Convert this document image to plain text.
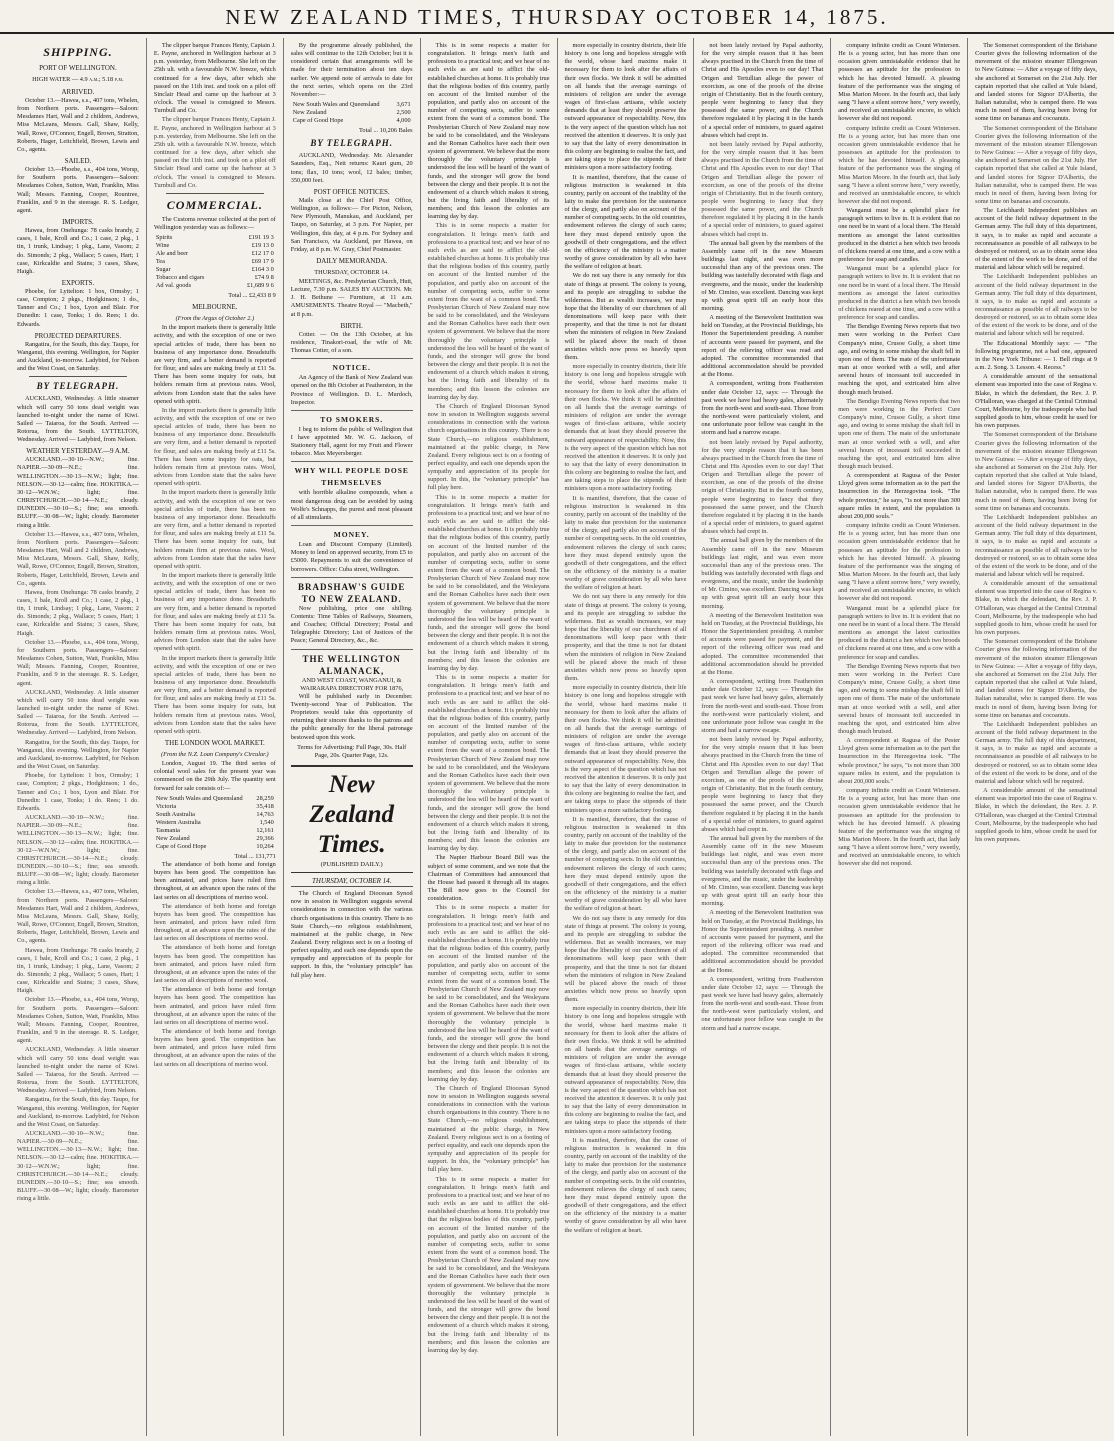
NEW ZEALAND TIMES, THURSDAY OCTOBER 14, 1875.
SHIPPING.
PORT OF WELLINGTON.
HIGH WATER — 4.9 a.m.; 5.18 p.m.
ARRIVED.
October 13.—Hawea, s.s., 407 tons, Whelen, from Northern ports. Passengers—Saloon: Mesdames Hart, Wall and 2 children, Andrews, Miss McLeans, Messrs. Gall, Shaw, Kelly, Wall, Rowe, O'Connor, Engell, Brown, Stratton, Roberts, Hager, Leitchfield, Brown, Lewis and Co., agents.
SAILED.
October 13.—Phoebe, s.s., 404 tons, Worsp, for Southern ports. Passengers—Saloon: Mesdames Cohen, Sutton, Watt, Franklin, Miss Wall; Messrs. Fanning, Cooper, Rountree, Franklin, and 9 in the steerage. R. S. Ledger, agent.
IMPORTS.
Hawea, from Onehunga: 78 casks brandy, 2 cases, 1 bale, Kroll and Co.; 1 case, 2 pkg., 1 tin, 1 trunk, Lindsay; 1 pkg., Lane, Vasom; 2 do. Simonds; 2 pkg., Wallace; 5 cases, Hart; 1 case, Kirkcaldie and Stains; 3 cases, Shaw, Haigh.
EXPORTS.
Phoebe, for Lyttelton: 1 box, Ormsby; 1 case, Compton; 2 pkgs., Hodgkinson; 1 do., Tanner and Co.; 1 box, Lyon and Blair. For Dunedin: 1 case, Tonks; 1 do. Rees; 1 do. Edwards.
PROJECTED DEPARTURES.
Rangatira, for the South, this day. Taupo, for Wanganui, this evening. Wellington, for Napier and Auckland, to-morrow. Ladybird, for Nelson and the West Coast, on Saturday.
BY TELEGRAPH.
AUCKLAND, Wednesday. A little steamer which will carry 50 tons dead weight was launched to-night under the name of Kiwi. Sailed — Taiaroa, for the South. Arrived — Rotorua, from the South. LYTTELTON, Wednesday. Arrived — Ladybird, from Nelson.
WEATHER YESTERDAY.—9 A.M.
AUCKLAND.—30·10—N.W.; fine. NAPIER.—30·09—N.E.; fine. WELLINGTON.—30·13—N.W.; light; fine. NELSON.—30·12—calm; fine. HOKITIKA.—30·12—W.N.W.; light; fine. CHRISTCHURCH.—30·14—N.E.; cloudy. DUNEDIN.—30·10—S.; fine; sea smooth. BLUFF.—30·08—W.; light; cloudy. Barometer rising a little.
October 13.—Hawea, s.s., 407 tons, Whelen, from Northern ports. Passengers—Saloon: Mesdames Hart, Wall and 2 children, Andrews, Miss McLeans, Messrs. Gall, Shaw, Kelly, Wall, Rowe, O'Connor, Engell, Brown, Stratton, Roberts, Hager, Leitchfield, Brown, Lewis and Co., agents.
Hawea, from Onehunga: 78 casks brandy, 2 cases, 1 bale, Kroll and Co.; 1 case, 2 pkg., 1 tin, 1 trunk, Lindsay; 1 pkg., Lane, Vasom; 2 do. Simonds; 2 pkg., Wallace; 5 cases, Hart; 1 case, Kirkcaldie and Stains; 3 cases, Shaw, Haigh.
October 13.—Phoebe, s.s., 404 tons, Worsp, for Southern ports. Passengers—Saloon: Mesdames Cohen, Sutton, Watt, Franklin, Miss Wall; Messrs. Fanning, Cooper, Rountree, Franklin, and 9 in the steerage. R. S. Ledger, agent.
AUCKLAND, Wednesday. A little steamer which will carry 50 tons dead weight was launched to-night under the name of Kiwi. Sailed — Taiaroa, for the South. Arrived — Rotorua, from the South. LYTTELTON, Wednesday. Arrived — Ladybird, from Nelson.
Rangatira, for the South, this day. Taupo, for Wanganui, this evening. Wellington, for Napier and Auckland, to-morrow. Ladybird, for Nelson and the West Coast, on Saturday.
Phoebe, for Lyttelton: 1 box, Ormsby; 1 case, Compton; 2 pkgs., Hodgkinson; 1 do., Tanner and Co.; 1 box, Lyon and Blair. For Dunedin: 1 case, Tonks; 1 do. Rees; 1 do. Edwards.
AUCKLAND.—30·10—N.W.; fine. NAPIER.—30·09—N.E.; fine. WELLINGTON.—30·13—N.W.; light; fine. NELSON.—30·12—calm; fine. HOKITIKA.—30·12—W.N.W.; light; fine. CHRISTCHURCH.—30·14—N.E.; cloudy. DUNEDIN.—30·10—S.; fine; sea smooth. BLUFF.—30·08—W.; light; cloudy. Barometer rising a little.
October 13.—Hawea, s.s., 407 tons, Whelen, from Northern ports. Passengers—Saloon: Mesdames Hart, Wall and 2 children, Andrews, Miss McLeans, Messrs. Gall, Shaw, Kelly, Wall, Rowe, O'Connor, Engell, Brown, Stratton, Roberts, Hager, Leitchfield, Brown, Lewis and Co., agents.
Hawea, from Onehunga: 78 casks brandy, 2 cases, 1 bale, Kroll and Co.; 1 case, 2 pkg., 1 tin, 1 trunk, Lindsay; 1 pkg., Lane, Vasom; 2 do. Simonds; 2 pkg., Wallace; 5 cases, Hart; 1 case, Kirkcaldie and Stains; 3 cases, Shaw, Haigh.
October 13.—Phoebe, s.s., 404 tons, Worsp, for Southern ports. Passengers—Saloon: Mesdames Cohen, Sutton, Watt, Franklin, Miss Wall; Messrs. Fanning, Cooper, Rountree, Franklin, and 9 in the steerage. R. S. Ledger, agent.
AUCKLAND, Wednesday. A little steamer which will carry 50 tons dead weight was launched to-night under the name of Kiwi. Sailed — Taiaroa, for the South. Arrived — Rotorua, from the South. LYTTELTON, Wednesday. Arrived — Ladybird, from Nelson.
Rangatira, for the South, this day. Taupo, for Wanganui, this evening. Wellington, for Napier and Auckland, to-morrow. Ladybird, for Nelson and the West Coast, on Saturday.
AUCKLAND.—30·10—N.W.; fine. NAPIER.—30·09—N.E.; fine. WELLINGTON.—30·13—N.W.; light; fine. NELSON.—30·12—calm; fine. HOKITIKA.—30·12—W.N.W.; light; fine. CHRISTCHURCH.—30·14—N.E.; cloudy. DUNEDIN.—30·10—S.; fine; sea smooth. BLUFF.—30·08—W.; light; cloudy. Barometer rising a little.
The clipper barque Frances Henty, Captain J. E. Payne, anchored in Wellington harbour at 3 p.m. yesterday, from Melbourne. She left on the 25th ult. with a favourable N.W. breeze, which continued for a few days, after which she passed on the 11th inst. and took on a pilot off Sinclair Head and came up the harbour at 3 o'clock. The vessel is consigned to Messrs. Turnbull and Co.
The clipper barque Frances Henty, Captain J. E. Payne, anchored in Wellington harbour at 3 p.m. yesterday, from Melbourne. She left on the 25th ult. with a favourable N.W. breeze, which continued for a few days, after which she passed on the 11th inst. and took on a pilot off Sinclair Head and came up the harbour at 3 o'clock. The vessel is consigned to Messrs. Turnbull and Co.
COMMERCIAL.
The Customs revenue collected at the port of Wellington yesterday was as follows:—
Spirits	£191 19 3
Wine	£19 13 0
Ale and beer	£12 17 0
Tea	£69 17 9
Sugar	£164 3 0
Tobacco and cigars	£74 9 8
Ad val. goods	£1,689 9 6
Total ... £2,433 8 9
MELBOURNE.
(From the Argus of October 2.)
In the import markets there is generally little activity, and with the exception of one or two special articles of trade, there has been no business of any importance done. Breadstuffs are very firm, and a better demand is reported for flour, and sales are making freely at £11 5s. There has been some inquiry for oats, but holders remain firm at previous rates. Wool, advices from London state that the sales have opened with spirit.
In the import markets there is generally little activity, and with the exception of one or two special articles of trade, there has been no business of any importance done. Breadstuffs are very firm, and a better demand is reported for flour, and sales are making freely at £11 5s. There has been some inquiry for oats, but holders remain firm at previous rates. Wool, advices from London state that the sales have opened with spirit.
In the import markets there is generally little activity, and with the exception of one or two special articles of trade, there has been no business of any importance done. Breadstuffs are very firm, and a better demand is reported for flour, and sales are making freely at £11 5s. There has been some inquiry for oats, but holders remain firm at previous rates. Wool, advices from London state that the sales have opened with spirit.
In the import markets there is generally little activity, and with the exception of one or two special articles of trade, there has been no business of any importance done. Breadstuffs are very firm, and a better demand is reported for flour, and sales are making freely at £11 5s. There has been some inquiry for oats, but holders remain firm at previous rates. Wool, advices from London state that the sales have opened with spirit.
In the import markets there is generally little activity, and with the exception of one or two special articles of trade, there has been no business of any importance done. Breadstuffs are very firm, and a better demand is reported for flour, and sales are making freely at £11 5s. There has been some inquiry for oats, but holders remain firm at previous rates. Wool, advices from London state that the sales have opened with spirit.
THE LONDON WOOL MARKET.
(From the N.Z. Loan Company's Circular.)
London, August 19. The third series of colonial wool sales for the present year was commenced on the 29th July. The quantity sent forward for sale consists of:—
New South Wales and Queensland	28,259
Victoria	35,418
South Australia	14,763
Western Australia	1,540
Tasmania	12,161
New Zealand	29,366
Cape of Good Hope	10,264
Total ... 131,771
The attendance of both home and foreign buyers has been good. The competition has been animated, and prices have ruled firm throughout, at an advance upon the rates of the last series on all descriptions of merino wool.
The attendance of both home and foreign buyers has been good. The competition has been animated, and prices have ruled firm throughout, at an advance upon the rates of the last series on all descriptions of merino wool.
The attendance of both home and foreign buyers has been good. The competition has been animated, and prices have ruled firm throughout, at an advance upon the rates of the last series on all descriptions of merino wool.
The attendance of both home and foreign buyers has been good. The competition has been animated, and prices have ruled firm throughout, at an advance upon the rates of the last series on all descriptions of merino wool.
The attendance of both home and foreign buyers has been good. The competition has been animated, and prices have ruled firm throughout, at an advance upon the rates of the last series on all descriptions of merino wool.
By the programme already published, the sales will continue to the 12th October; but it is considered certain that arrangements will be made for their termination about ten days earlier. We append note of arrivals to date for the next series, which opens on the 23rd November:—
New South Wales and Queensland	3,671
New Zealand	2,500
Cape of Good Hope	4,000
Total ... 10,206 Bales
BY TELEGRAPH.
AUCKLAND, Wednesday. Mr. Alexander Saunders, Esq., Nett returns: Kauri gum, 20 tons; flax, 10 tons; wool, 12 bales; timber, 350,000 feet.
POST OFFICE NOTICES.
Mails close at the Chief Post Office, Wellington, as follows:— For Picton, Nelson, New Plymouth, Manukau, and Auckland, per Taupo, on Saturday, at 3 p.m. For Napier, per Wellington, this day, at 4 p.m. For Sydney and San Francisco, via Auckland, per Hawea, on Friday, at 8 p.m. W. Gray, Chief Postmaster.
DAILY MEMORANDA.
THURSDAY, OCTOBER 14.
MEETINGS, &c. Presbyterian Church, Hutt, Lecture, 7.30 p.m. SALES BY AUCTION. Mr. J. H. Bethune — Furniture, at 11 a.m. AMUSEMENTS. Theatre Royal — "Macbeth," at 8 p.m.
BIRTH.
Cotter. — On the 13th October, at his residence, Tinakori-road, the wife of Mr. Thomas Cotter, of a son.
NOTICE.
An Agency of the Bank of New Zealand was opened on the 8th October at Featherston, in the Province of Wellington. D. L. Murdoch, Inspector.
TO SMOKERS.
I beg to inform the public of Wellington that I have appointed Mr. W. G. Jackson, of Stationery Hall, agent for my Fruit and Flower tobacco. Max Meyersberger.
WHY WILL PEOPLE DOSE THEMSELVES
with horrible alkaline compounds, when a most dangerous drug can be avoided by using Wolfe's Schnapps, the purest and most pleasant of all stimulants.
MONEY.
Loan and Discount Company (Limited). Money to lend on approved security, from £5 to £5000. Repayments to suit the convenience of borrowers. Office: Cuba street, Wellington.
BRADSHAW'S GUIDE TO NEW ZEALAND.
Now publishing, price one shilling. Contents: Time Tables of Railways, Steamers, and Coaches; Official Directory; Postal and Telegraphic Directory; List of Justices of the Peace; General Directory, &c., &c.
THE WELLINGTON ALMANACK,
AND WEST COAST, WANGANUI, & WAIRARAPA DIRECTORY FOR 1876,
Will be published early in December. Twenty-second Year of Publication. The Proprietors would take this opportunity of returning their sincere thanks to the patrons and the public generally for the liberal patronage bestowed upon this work.
Terms for Advertising: Full Page, 30s. Half Page, 20s. Quarter Page, 12s.
New Zealand Times.
(PUBLISHED DAILY.)
THURSDAY, OCTOBER 14.
The Church of England Diocesan Synod now in session in Wellington suggests several considerations in connection with the various church organisations in this country. There is no State Church,—no religious establishment, maintained at the public charge, in New Zealand. Every religious sect is on a footing of perfect equality, and each one depends upon the sympathy and appreciation of its people for support. In this, the "voluntary principle" has full play here.
This is in some respects a matter for congratulation. It brings men's faith and professions to a practical test; and we hear of no such evils as are said to afflict the old-established churches at home. It is probably true that the religious bodies of this country, partly on account of the limited number of the population, and partly also on account of the number of competing sects, suffer to some extent from the want of a common bond. The Presbyterian Church of New Zealand may now be said to be consolidated, and the Wesleyans and the Roman Catholics have each their own system of government. We believe that the more thoroughly the voluntary principle is understood the less will be heard of the want of funds, and the stronger will grow the bond between the clergy and their people. It is not the endowment of a church which makes it strong, but the living faith and liberality of its members; and this lesson the colonies are learning day by day.
This is in some respects a matter for congratulation. It brings men's faith and professions to a practical test; and we hear of no such evils as are said to afflict the old-established churches at home. It is probably true that the religious bodies of this country, partly on account of the limited number of the population, and partly also on account of the number of competing sects, suffer to some extent from the want of a common bond. The Presbyterian Church of New Zealand may now be said to be consolidated, and the Wesleyans and the Roman Catholics have each their own system of government. We believe that the more thoroughly the voluntary principle is understood the less will be heard of the want of funds, and the stronger will grow the bond between the clergy and their people. It is not the endowment of a church which makes it strong, but the living faith and liberality of its members; and this lesson the colonies are learning day by day.
The Church of England Diocesan Synod now in session in Wellington suggests several considerations in connection with the various church organisations in this country. There is no State Church,—no religious establishment, maintained at the public charge, in New Zealand. Every religious sect is on a footing of perfect equality, and each one depends upon the sympathy and appreciation of its people for support. In this, the "voluntary principle" has full play here.
This is in some respects a matter for congratulation. It brings men's faith and professions to a practical test; and we hear of no such evils as are said to afflict the old-established churches at home. It is probably true that the religious bodies of this country, partly on account of the limited number of the population, and partly also on account of the number of competing sects, suffer to some extent from the want of a common bond. The Presbyterian Church of New Zealand may now be said to be consolidated, and the Wesleyans and the Roman Catholics have each their own system of government. We believe that the more thoroughly the voluntary principle is understood the less will be heard of the want of funds, and the stronger will grow the bond between the clergy and their people. It is not the endowment of a church which makes it strong, but the living faith and liberality of its members; and this lesson the colonies are learning day by day.
This is in some respects a matter for congratulation. It brings men's faith and professions to a practical test; and we hear of no such evils as are said to afflict the old-established churches at home. It is probably true that the religious bodies of this country, partly on account of the limited number of the population, and partly also on account of the number of competing sects, suffer to some extent from the want of a common bond. The Presbyterian Church of New Zealand may now be said to be consolidated, and the Wesleyans and the Roman Catholics have each their own system of government. We believe that the more thoroughly the voluntary principle is understood the less will be heard of the want of funds, and the stronger will grow the bond between the clergy and their people. It is not the endowment of a church which makes it strong, but the living faith and liberality of its members; and this lesson the colonies are learning day by day.
The Napier Harbour Board Bill was the subject of some comment, and we note that the Chairman of Committees had announced that the House had passed it through all its stages. The Bill now goes to the Council for consideration.
This is in some respects a matter for congratulation. It brings men's faith and professions to a practical test; and we hear of no such evils as are said to afflict the old-established churches at home. It is probably true that the religious bodies of this country, partly on account of the limited number of the population, and partly also on account of the number of competing sects, suffer to some extent from the want of a common bond. The Presbyterian Church of New Zealand may now be said to be consolidated, and the Wesleyans and the Roman Catholics have each their own system of government. We believe that the more thoroughly the voluntary principle is understood the less will be heard of the want of funds, and the stronger will grow the bond between the clergy and their people. It is not the endowment of a church which makes it strong, but the living faith and liberality of its members; and this lesson the colonies are learning day by day.
The Church of England Diocesan Synod now in session in Wellington suggests several considerations in connection with the various church organisations in this country. There is no State Church,—no religious establishment, maintained at the public charge, in New Zealand. Every religious sect is on a footing of perfect equality, and each one depends upon the sympathy and appreciation of its people for support. In this, the "voluntary principle" has full play here.
This is in some respects a matter for congratulation. It brings men's faith and professions to a practical test; and we hear of no such evils as are said to afflict the old-established churches at home. It is probably true that the religious bodies of this country, partly on account of the limited number of the population, and partly also on account of the number of competing sects, suffer to some extent from the want of a common bond. The Presbyterian Church of New Zealand may now be said to be consolidated, and the Wesleyans and the Roman Catholics have each their own system of government. We believe that the more thoroughly the voluntary principle is understood the less will be heard of the want of funds, and the stronger will grow the bond between the clergy and their people. It is not the endowment of a church which makes it strong, but the living faith and liberality of its members; and this lesson the colonies are learning day by day.
more especially in country districts, their life history is one long and hopeless struggle with the world, whose hard maxims make it necessary for them to look after the affairs of their own flocks. We think it will be admitted on all hands that the average earnings of ministers of religion are under the average wages of first-class artisans, while society demands that at least they should preserve the outward appearance of respectability. Now, this is the very aspect of the question which has not received the attention it deserves. It is only just to say that the laity of every denomination in this colony are beginning to realise the fact, and are taking steps to place the stipends of their ministers upon a more satisfactory footing.
It is manifest, therefore, that the cause of religious instruction is weakened in this country, partly on account of the inability of the laity to make due provision for the sustenance of the clergy, and partly also on account of the number of competing sects. In the old countries, endowment relieves the clergy of such cares; here they must depend entirely upon the goodwill of their congregations, and the effect on the efficiency of the ministry is a matter worthy of grave consideration by all who have the welfare of religion at heart.
We do not say there is any remedy for this state of things at present. The colony is young, and its people are struggling to subdue the wilderness. But as wealth increases, we may hope that the liberality of our churchmen of all denominations will keep pace with their prosperity, and that the time is not far distant when the ministers of religion in New Zealand will be placed above the reach of those anxieties which now press so heavily upon them.
more especially in country districts, their life history is one long and hopeless struggle with the world, whose hard maxims make it necessary for them to look after the affairs of their own flocks. We think it will be admitted on all hands that the average earnings of ministers of religion are under the average wages of first-class artisans, while society demands that at least they should preserve the outward appearance of respectability. Now, this is the very aspect of the question which has not received the attention it deserves. It is only just to say that the laity of every denomination in this colony are beginning to realise the fact, and are taking steps to place the stipends of their ministers upon a more satisfactory footing.
It is manifest, therefore, that the cause of religious instruction is weakened in this country, partly on account of the inability of the laity to make due provision for the sustenance of the clergy, and partly also on account of the number of competing sects. In the old countries, endowment relieves the clergy of such cares; here they must depend entirely upon the goodwill of their congregations, and the effect on the efficiency of the ministry is a matter worthy of grave consideration by all who have the welfare of religion at heart.
We do not say there is any remedy for this state of things at present. The colony is young, and its people are struggling to subdue the wilderness. But as wealth increases, we may hope that the liberality of our churchmen of all denominations will keep pace with their prosperity, and that the time is not far distant when the ministers of religion in New Zealand will be placed above the reach of those anxieties which now press so heavily upon them.
more especially in country districts, their life history is one long and hopeless struggle with the world, whose hard maxims make it necessary for them to look after the affairs of their own flocks. We think it will be admitted on all hands that the average earnings of ministers of religion are under the average wages of first-class artisans, while society demands that at least they should preserve the outward appearance of respectability. Now, this is the very aspect of the question which has not received the attention it deserves. It is only just to say that the laity of every denomination in this colony are beginning to realise the fact, and are taking steps to place the stipends of their ministers upon a more satisfactory footing.
It is manifest, therefore, that the cause of religious instruction is weakened in this country, partly on account of the inability of the laity to make due provision for the sustenance of the clergy, and partly also on account of the number of competing sects. In the old countries, endowment relieves the clergy of such cares; here they must depend entirely upon the goodwill of their congregations, and the effect on the efficiency of the ministry is a matter worthy of grave consideration by all who have the welfare of religion at heart.
We do not say there is any remedy for this state of things at present. The colony is young, and its people are struggling to subdue the wilderness. But as wealth increases, we may hope that the liberality of our churchmen of all denominations will keep pace with their prosperity, and that the time is not far distant when the ministers of religion in New Zealand will be placed above the reach of those anxieties which now press so heavily upon them.
more especially in country districts, their life history is one long and hopeless struggle with the world, whose hard maxims make it necessary for them to look after the affairs of their own flocks. We think it will be admitted on all hands that the average earnings of ministers of religion are under the average wages of first-class artisans, while society demands that at least they should preserve the outward appearance of respectability. Now, this is the very aspect of the question which has not received the attention it deserves. It is only just to say that the laity of every denomination in this colony are beginning to realise the fact, and are taking steps to place the stipends of their ministers upon a more satisfactory footing.
It is manifest, therefore, that the cause of religious instruction is weakened in this country, partly on account of the inability of the laity to make due provision for the sustenance of the clergy, and partly also on account of the number of competing sects. In the old countries, endowment relieves the clergy of such cares; here they must depend entirely upon the goodwill of their congregations, and the effect on the efficiency of the ministry is a matter worthy of grave consideration by all who have the welfare of religion at heart.
not been lately revised by Papal authority, for the very simple reason that it has been always practised in the Church from the time of Christ and His Apostles even to our day! That Origen and Tertullian allege the power of exorcism, as one of the proofs of the divine origin of Christianity. But in the fourth century, people were beginning to fancy that they possessed the same power, and the Church therefore regulated it by placing it in the hands of a special order of ministers, to guard against abuses which had crept in.
not been lately revised by Papal authority, for the very simple reason that it has been always practised in the Church from the time of Christ and His Apostles even to our day! That Origen and Tertullian allege the power of exorcism, as one of the proofs of the divine origin of Christianity. But in the fourth century, people were beginning to fancy that they possessed the same power, and the Church therefore regulated it by placing it in the hands of a special order of ministers, to guard against abuses which had crept in.
The annual ball given by the members of the Assembly came off in the new Museum buildings last night, and was even more successful than any of the previous ones. The building was tastefully decorated with flags and evergreens, and the music, under the leadership of Mr. Cimino, was excellent. Dancing was kept up with great spirit till an early hour this morning.
A meeting of the Benevolent Institution was held on Tuesday, at the Provincial Buildings, his Honor the Superintendent presiding. A number of accounts were passed for payment, and the report of the relieving officer was read and adopted. The committee recommended that additional accommodation should be provided at the Home.
A correspondent, writing from Featherston under date October 12, says: — Through the past week we have had heavy gales, alternately from the north-west and south-east. Those from the north-west were particularly violent, and one unfortunate poor fellow was caught in the storm and had a narrow escape.
not been lately revised by Papal authority, for the very simple reason that it has been always practised in the Church from the time of Christ and His Apostles even to our day! That Origen and Tertullian allege the power of exorcism, as one of the proofs of the divine origin of Christianity. But in the fourth century, people were beginning to fancy that they possessed the same power, and the Church therefore regulated it by placing it in the hands of a special order of ministers, to guard against abuses which had crept in.
The annual ball given by the members of the Assembly came off in the new Museum buildings last night, and was even more successful than any of the previous ones. The building was tastefully decorated with flags and evergreens, and the music, under the leadership of Mr. Cimino, was excellent. Dancing was kept up with great spirit till an early hour this morning.
A meeting of the Benevolent Institution was held on Tuesday, at the Provincial Buildings, his Honor the Superintendent presiding. A number of accounts were passed for payment, and the report of the relieving officer was read and adopted. The committee recommended that additional accommodation should be provided at the Home.
A correspondent, writing from Featherston under date October 12, says: — Through the past week we have had heavy gales, alternately from the north-west and south-east. Those from the north-west were particularly violent, and one unfortunate poor fellow was caught in the storm and had a narrow escape.
not been lately revised by Papal authority, for the very simple reason that it has been always practised in the Church from the time of Christ and His Apostles even to our day! That Origen and Tertullian allege the power of exorcism, as one of the proofs of the divine origin of Christianity. But in the fourth century, people were beginning to fancy that they possessed the same power, and the Church therefore regulated it by placing it in the hands of a special order of ministers, to guard against abuses which had crept in.
The annual ball given by the members of the Assembly came off in the new Museum buildings last night, and was even more successful than any of the previous ones. The building was tastefully decorated with flags and evergreens, and the music, under the leadership of Mr. Cimino, was excellent. Dancing was kept up with great spirit till an early hour this morning.
A meeting of the Benevolent Institution was held on Tuesday, at the Provincial Buildings, his Honor the Superintendent presiding. A number of accounts were passed for payment, and the report of the relieving officer was read and adopted. The committee recommended that additional accommodation should be provided at the Home.
A correspondent, writing from Featherston under date October 12, says: — Through the past week we have had heavy gales, alternately from the north-west and south-east. Those from the north-west were particularly violent, and one unfortunate poor fellow was caught in the storm and had a narrow escape.
company infinite credit as Count Wintersen. He is a young actor, but has more than one occasion given unmistakable evidence that he possesses an aptitude for the profession to which he has devoted himself. A pleasing feature of the performance was the singing of Miss Marion Moore. In the fourth act, that lady sang "I have a silent sorrow here," very sweetly, and received an unmistakable encore, to which however she did not respond.
company infinite credit as Count Wintersen. He is a young actor, but has more than one occasion given unmistakable evidence that he possesses an aptitude for the profession to which he has devoted himself. A pleasing feature of the performance was the singing of Miss Marion Moore. In the fourth act, that lady sang "I have a silent sorrow here," very sweetly, and received an unmistakable encore, to which however she did not respond.
Wanganui must be a splendid place for paragraph writers to live in. It is evident that no one need be in want of a local there. The Herald mentions as amongst the latest curiosities produced in the district a hen which two broods of chickens reared at one time, and a cow with a preference for soap and candles.
Wanganui must be a splendid place for paragraph writers to live in. It is evident that no one need be in want of a local there. The Herald mentions as amongst the latest curiosities produced in the district a hen which two broods of chickens reared at one time, and a cow with a preference for soap and candles.
The Bendigo Evening News reports that two men were working in the Perfect Cure Company's mine, Crusoe Gully, a short time ago, and owing to some mishap the shaft fell in upon one of them. The mate of the unfortunate man at once worked with a will, and after several hours of incessant toil succeeded in reaching the spot, and extricated him alive though much bruised.
The Bendigo Evening News reports that two men were working in the Perfect Cure Company's mine, Crusoe Gully, a short time ago, and owing to some mishap the shaft fell in upon one of them. The mate of the unfortunate man at once worked with a will, and after several hours of incessant toil succeeded in reaching the spot, and extricated him alive though much bruised.
A correspondent at Ragusa of the Pester Lloyd gives some information as to the part the Insurrection in the Herzegovina took. "The whole province," he says, "is not more than 300 square miles in extent, and the population is about 200,000 souls."
company infinite credit as Count Wintersen. He is a young actor, but has more than one occasion given unmistakable evidence that he possesses an aptitude for the profession to which he has devoted himself. A pleasing feature of the performance was the singing of Miss Marion Moore. In the fourth act, that lady sang "I have a silent sorrow here," very sweetly, and received an unmistakable encore, to which however she did not respond.
Wanganui must be a splendid place for paragraph writers to live in. It is evident that no one need be in want of a local there. The Herald mentions as amongst the latest curiosities produced in the district a hen which two broods of chickens reared at one time, and a cow with a preference for soap and candles.
The Bendigo Evening News reports that two men were working in the Perfect Cure Company's mine, Crusoe Gully, a short time ago, and owing to some mishap the shaft fell in upon one of them. The mate of the unfortunate man at once worked with a will, and after several hours of incessant toil succeeded in reaching the spot, and extricated him alive though much bruised.
A correspondent at Ragusa of the Pester Lloyd gives some information as to the part the Insurrection in the Herzegovina took. "The whole province," he says, "is not more than 300 square miles in extent, and the population is about 200,000 souls."
company infinite credit as Count Wintersen. He is a young actor, but has more than one occasion given unmistakable evidence that he possesses an aptitude for the profession to which he has devoted himself. A pleasing feature of the performance was the singing of Miss Marion Moore. In the fourth act, that lady sang "I have a silent sorrow here," very sweetly, and received an unmistakable encore, to which however she did not respond.
The Somerset correspondent of the Brisbane Courier gives the following information of the movement of the mission steamer Ellengowan to New Guinea: — After a voyage of fifty days, she anchored at Somerset on the 21st July. Her captain reported that she called at Yule Island, and landed stores for Signor D'Albertis, the Italian naturalist, who is camped there. He was much in need of them, having been living for some time on bananas and cocoanuts.
The Somerset correspondent of the Brisbane Courier gives the following information of the movement of the mission steamer Ellengowan to New Guinea: — After a voyage of fifty days, she anchored at Somerset on the 21st July. Her captain reported that she called at Yule Island, and landed stores for Signor D'Albertis, the Italian naturalist, who is camped there. He was much in need of them, having been living for some time on bananas and cocoanuts.
The Leichhardt Independent publishes an account of the field railway department in the German army. The full duty of this department, it says, is to make as rapid and accurate a reconnaissance as possible of all railways to be destroyed or restored, so as to obtain some idea of the extent of the work to be done, and of the material and labour which will be required.
The Leichhardt Independent publishes an account of the field railway department in the German army. The full duty of this department, it says, is to make as rapid and accurate a reconnaissance as possible of all railways to be destroyed or restored, so as to obtain some idea of the extent of the work to be done, and of the material and labour which will be required.
The Educational Monthly says: — "The following programme, not a bad one, appeared in the New York Tribune: — 1. Bell rings at 9 a.m. 2. Song. 3. Lesson. 4. Recess."
A considerable amount of the sensational element was imported into the case of Regina v. Blake, in which the defendant, the Rev. J. P. O'Halloran, was charged at the Central Criminal Court, Melbourne, by the tradespeople who had supplied goods to him, whose credit he used for his own purposes.
The Somerset correspondent of the Brisbane Courier gives the following information of the movement of the mission steamer Ellengowan to New Guinea: — After a voyage of fifty days, she anchored at Somerset on the 21st July. Her captain reported that she called at Yule Island, and landed stores for Signor D'Albertis, the Italian naturalist, who is camped there. He was much in need of them, having been living for some time on bananas and cocoanuts.
The Leichhardt Independent publishes an account of the field railway department in the German army. The full duty of this department, it says, is to make as rapid and accurate a reconnaissance as possible of all railways to be destroyed or restored, so as to obtain some idea of the extent of the work to be done, and of the material and labour which will be required.
A considerable amount of the sensational element was imported into the case of Regina v. Blake, in which the defendant, the Rev. J. P. O'Halloran, was charged at the Central Criminal Court, Melbourne, by the tradespeople who had supplied goods to him, whose credit he used for his own purposes.
The Somerset correspondent of the Brisbane Courier gives the following information of the movement of the mission steamer Ellengowan to New Guinea: — After a voyage of fifty days, she anchored at Somerset on the 21st July. Her captain reported that she called at Yule Island, and landed stores for Signor D'Albertis, the Italian naturalist, who is camped there. He was much in need of them, having been living for some time on bananas and cocoanuts.
The Leichhardt Independent publishes an account of the field railway department in the German army. The full duty of this department, it says, is to make as rapid and accurate a reconnaissance as possible of all railways to be destroyed or restored, so as to obtain some idea of the extent of the work to be done, and of the material and labour which will be required.
A considerable amount of the sensational element was imported into the case of Regina v. Blake, in which the defendant, the Rev. J. P. O'Halloran, was charged at the Central Criminal Court, Melbourne, by the tradespeople who had supplied goods to him, whose credit he used for his own purposes.
